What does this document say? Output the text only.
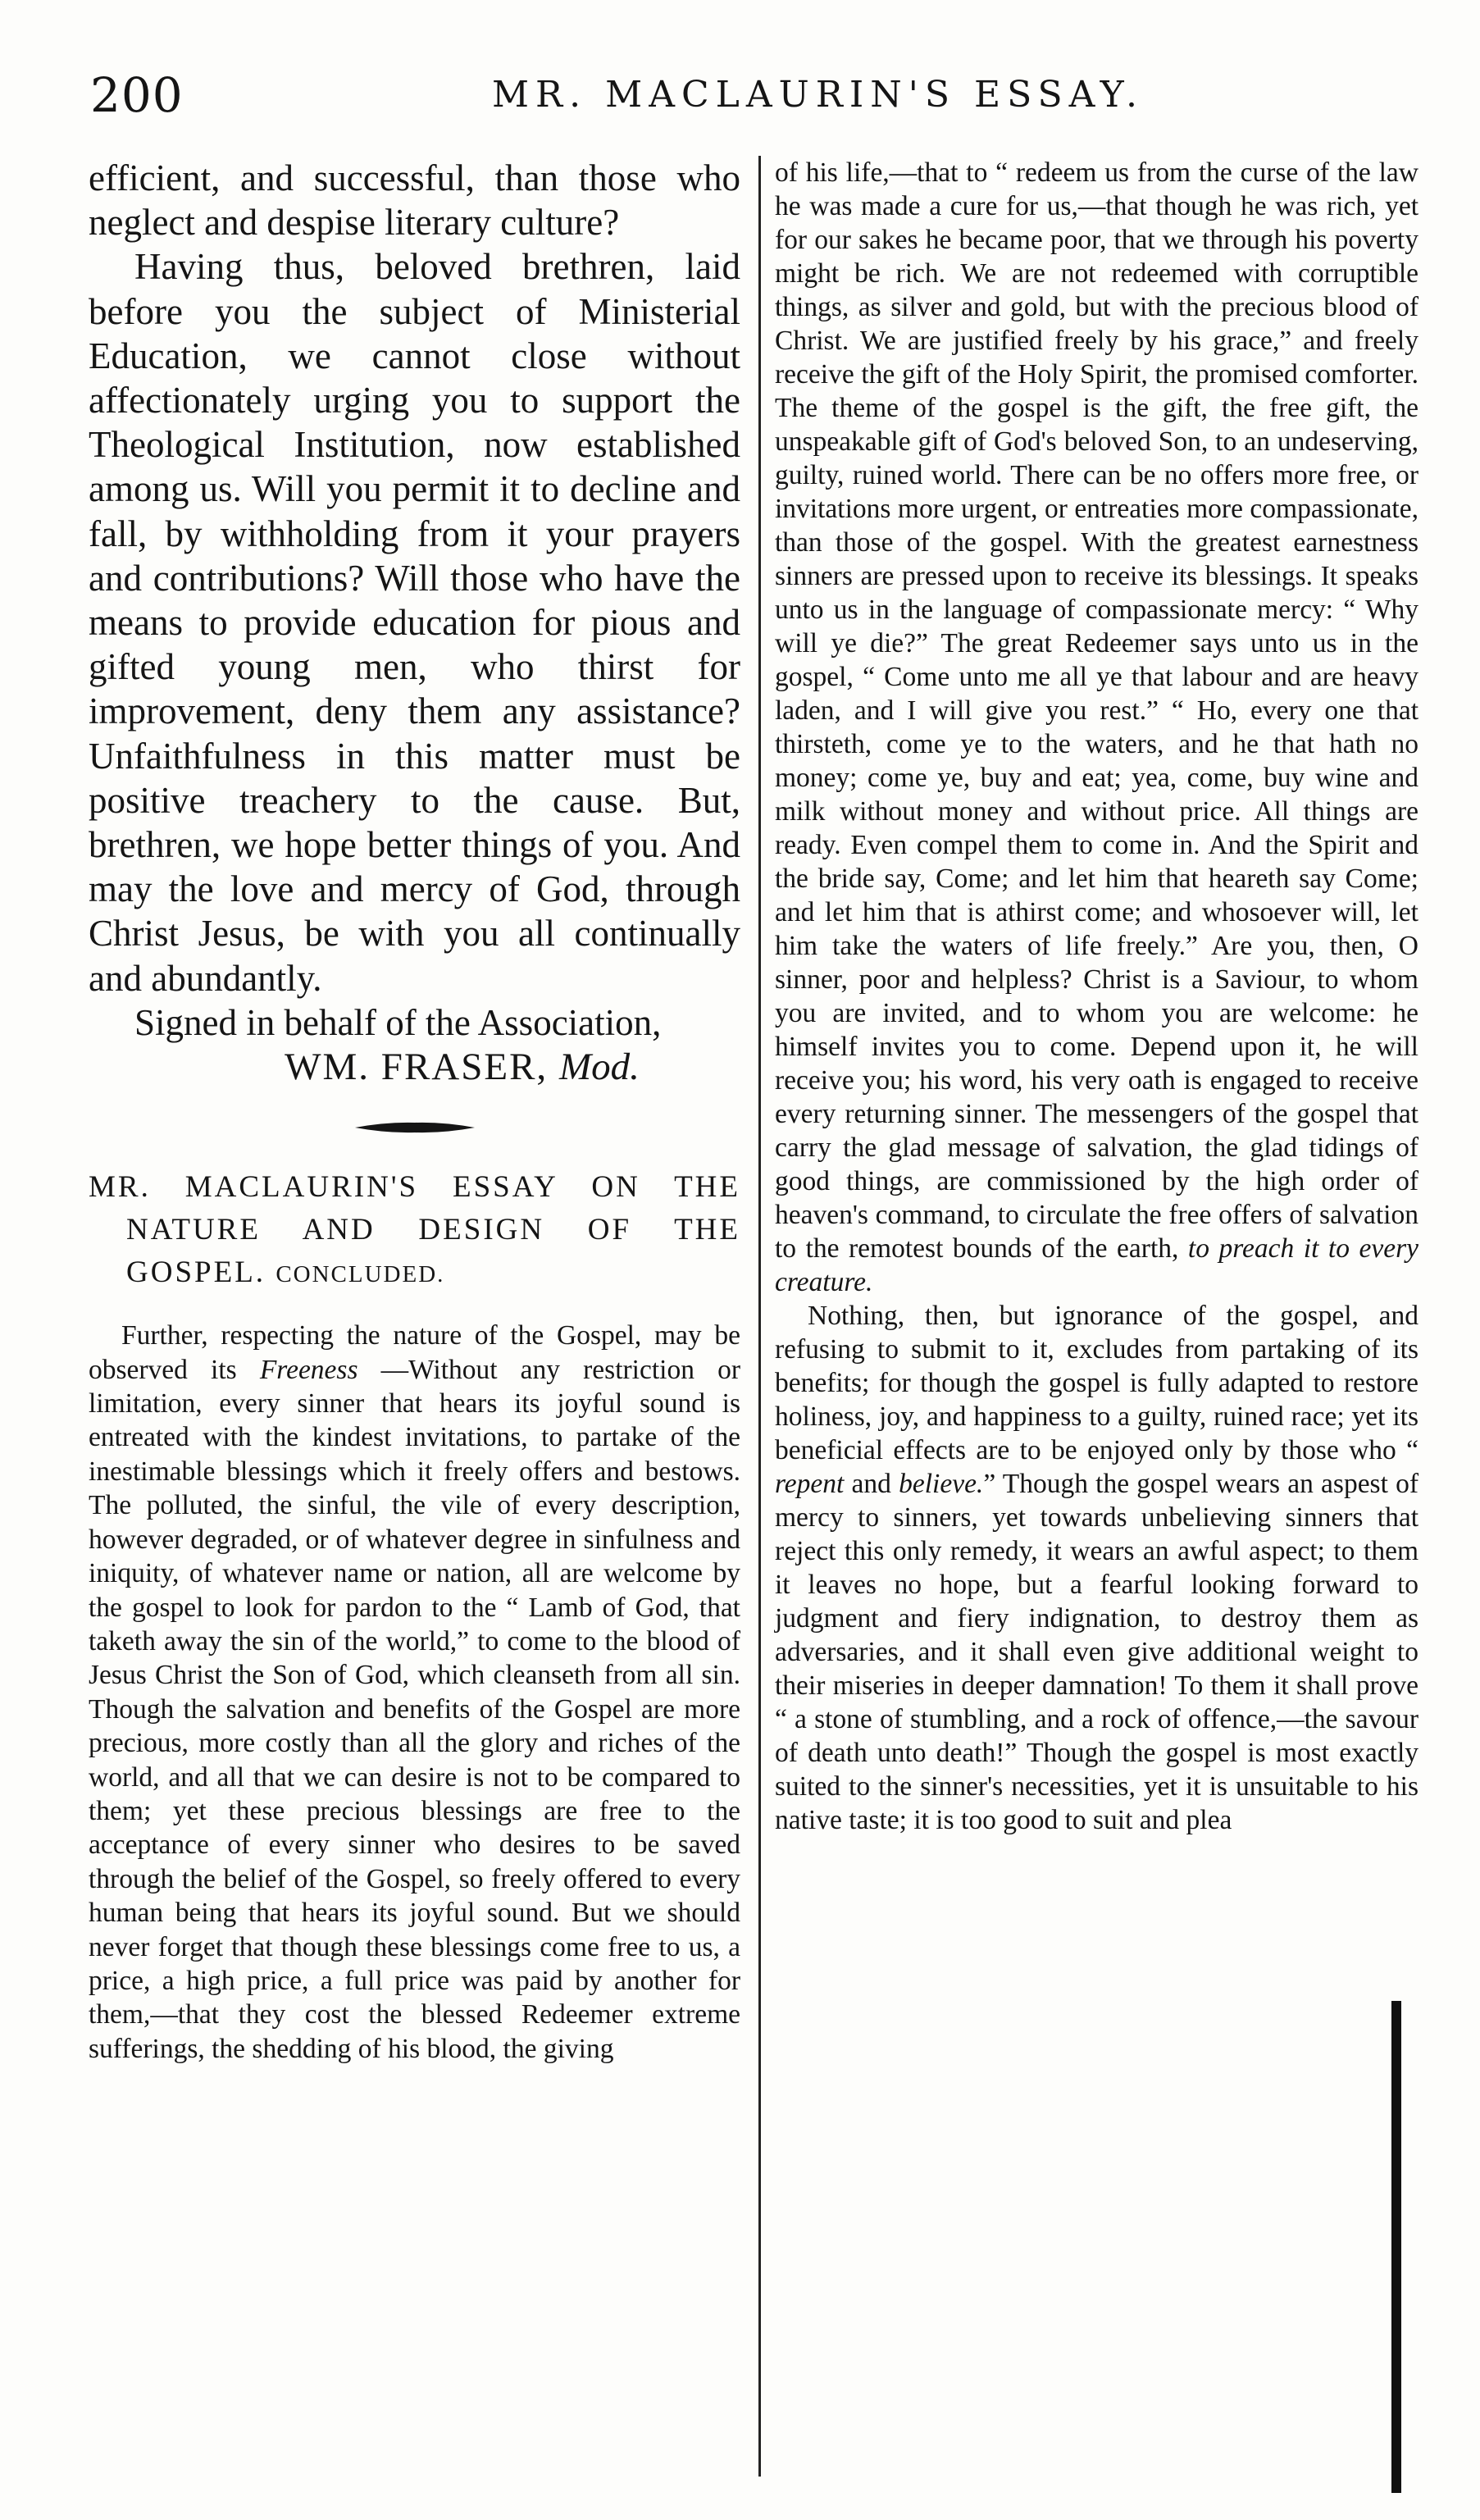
200	MR. MACLAURIN'S ESSAY.

efficient, and successful, than those who neglect and despise literary culture?

Having thus, beloved brethren, laid before you the subject of Ministerial Education, we cannot close without affectionately urging you to support the Theological Institution, now established among us. Will you permit it to decline and fall, by withholding from it your prayers and contributions? Will those who have the means to provide education for pious and gifted young men, who thirst for improvement, deny them any assistance? Unfaithfulness in this matter must be positive treachery to the cause. But, brethren, we hope better things of you. And may the love and mercy of God, through Christ Jesus, be with you all continually and abundantly.

Signed in behalf of the Association,

WM. FRASER, Mod.

MR. MACLAURIN'S ESSAY ON THE NATURE AND DESIGN OF THE GOSPEL. CONCLUDED.

Further, respecting the nature of the Gospel, may be observed its Freeness —Without any restriction or limitation, every sinner that hears its joyful sound is entreated with the kindest invitations, to partake of the inestimable blessings which it freely offers and bestows. The polluted, the sinful, the vile of every description, however degraded, or of whatever degree in sinfulness and iniquity, of whatever name or nation, all are welcome by the gospel to look for pardon to the “ Lamb of God, that taketh away the sin of the world,” to come to the blood of Jesus Christ the Son of God, which cleanseth from all sin. Though the salvation and benefits of the Gospel are more precious, more costly than all the glory and riches of the world, and all that we can desire is not to be compared to them; yet these precious blessings are free to the acceptance of every sinner who desires to be saved through the belief of the Gospel, so freely offered to every human being that hears its joyful sound. But we should never forget that though these blessings come free to us, a price, a high price, a full price was paid by another for them,—that they cost the blessed Redeemer extreme sufferings, the shedding of his blood, the giving

of his life,—that to “ redeem us from the curse of the law he was made a cure for us,—that though he was rich, yet for our sakes he became poor, that we through his poverty might be rich. We are not redeemed with corruptible things, as silver and gold, but with the precious blood of Christ. We are justified freely by his grace,” and freely receive the gift of the Holy Spirit, the promised comforter. The theme of the gospel is the gift, the free gift, the unspeakable gift of God's beloved Son, to an undeserving, guilty, ruined world. There can be no offers more free, or invitations more urgent, or entreaties more compassionate, than those of the gospel. With the greatest earnestness sinners are pressed upon to receive its blessings. It speaks unto us in the language of compassionate mercy: “ Why will ye die?” The great Redeemer says unto us in the gospel, “ Come unto me all ye that labour and are heavy laden, and I will give you rest.” “ Ho, every one that thirsteth, come ye to the waters, and he that hath no money; come ye, buy and eat; yea, come, buy wine and milk without money and without price. All things are ready. Even compel them to come in. And the Spirit and the bride say, Come; and let him that heareth say Come; and let him that is athirst come; and whosoever will, let him take the waters of life freely.” Are you, then, O sinner, poor and helpless? Christ is a Saviour, to whom you are invited, and to whom you are welcome: he himself invites you to come. Depend upon it, he will receive you; his word, his very oath is engaged to receive every returning sinner. The messengers of the gospel that carry the glad message of salvation, the glad tidings of good things, are commissioned by the high order of heaven's command, to circulate the free offers of salvation to the remotest bounds of the earth, to preach it to every creature.

Nothing, then, but ignorance of the gospel, and refusing to submit to it, excludes from partaking of its benefits; for though the gospel is fully adapted to restore holiness, joy, and happiness to a guilty, ruined race; yet its beneficial effects are to be enjoyed only by those who “ repent and believe.” Though the gospel wears an aspest of mercy to sinners, yet towards unbelieving sinners that reject this only remedy, it wears an awful aspect; to them it leaves no hope, but a fearful looking forward to judgment and fiery indignation, to destroy them as adversaries, and it shall even give additional weight to their miseries in deeper damnation! To them it shall prove “ a stone of stumbling, and a rock of offence,—the savour of death unto death!” Though the gospel is most exactly suited to the sinner's necessities, yet it is unsuitable to his native taste; it is too good to suit and plea
